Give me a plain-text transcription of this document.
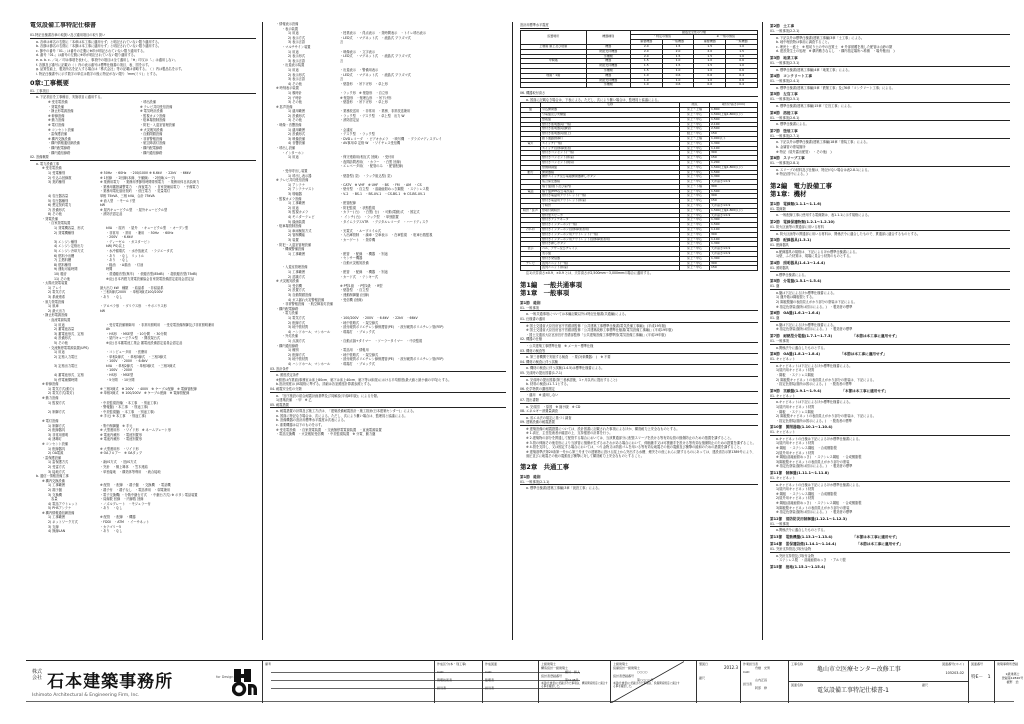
電気設備工事特記仕様書
01.特記仕様書各章の取扱い及び適用項目の取り扱い
a. 各章は章名の右側に「本章は本工事に適用せず」と明記されていない限り適用する。
b. 各節は節名の右側に「本節は本工事に適用せず」と明記されていない限り適用する。
c. 節中の番号「01.」は番号の左側に※印が明記されていない限り適用する。
d. 番号「01.」は番号の左側に※印が明記されていない限り適用する。
e. a. b. c. ／1)／ 印は事項を表わし、事項中の項目は全て適用し「※」印又は「-」は適用しない。
f. 各節及び番号に記載の（ ）内の表示番号は標準仕様書の項目、表、図を示す。
g. 品質性能上、製造所名を記入する場合は「株式会社」等の記載は省略する。（ ）内は製品名を示す。
i. 特記仕様書中に示す数字の単位は数字の後に特記がない限り「mm(ミリ)」とする。
0章:工事概要
01. 工事項目
a. 下記項目を工事種目、実施項目に適用する。
※ 受変電設備
・発電設備
・静止形電源設備
※ 幹線設備
※ 動力設備
※ 電灯設備
※ コンセント設備
・雷保護設備
※ 構内交換設備
・構内情報通信網設備
・構内配電線路
・構内通信線路
・呼出設備
※ テレビ共同受信設備
※ 電気時計設備
・監視カメラ設備
・駐車場管制設備
・防犯・入退室管理設備
※ 火災報知設備
・自動閉鎖設備
・非常警報設備
・航空障害灯設備
・構内配電線路
・構内通信線路
02. 設備概要
a. 電力設備工事
※ 受変電設備
1) 受電種別	※ 50Hz　・60Hz　・200/100V ※ 6.6kV　・22kV　・66kV
2) 引込み回線数	※ 1回線　・2回線(本線、予備線)　・2回線(ループ)
3) 契約種別	※ 業務用電力　・業務用季節別時間帯別電力　・業務用休日高負荷力
・業務用蓄熱調整電力　・深夜電力　・自家発補給電力　・予備電力
・業務用電化厨房契約　・低圧電力　・従量電灯
4) 変圧器容量	単相 75kVA、三相 kVA、合計 75kVA
5) 変圧器種別	※ 油入型　・モールド型
6) 想定契約電力	kW
7) 設備形式	※ 屋内キュービクル型　・屋外キュービクル型
8) その他	・消防法認定品
・発電設備
・自家発電装置
1) 発電機容量、形式	kVA　・屋内　・屋外　・キュービクル型　・オープン型
2) 発電機種別	・非常用　・常用　・兼用　・50Hz　・60Hz
・200V　・6.6kV
3) エンジン種別	・ディーゼル　・ガスタービン
4) エンジン定格出力	kW( PS)以上
5) エンジン冷却方式	・水冷循環式　・水冷放流式　・ラジエータ式
6) 燃料小出槽	・あり　・なし　リットル
7) 主燃料槽	・あり　・なし
8) 燃料種別	・軽油　・A重油　・灯油
9) 運転可能時間	時間
10) 騒音	・普通騒音型(無卒)　・低騒音型(85dB)　・超低騒音型(75dB)
11) その他	※(社)日本内燃力発電設備協会自家発電設備認定委員会認定品
・太陽光発電装置
1) アレイ	最大出力 kW　種類　・結晶系　・非結晶系
2) 電気方式	・三相3線式200V　・単相3線式100/200V
3) 系統連系	・あり　・なし
・風力発電設備
1) 風車	・プロペラ形　・ダリウス形　・サボニウス形
2) 最大出力	kW
・静止形電源設備
・直流電源装置
1) 用途	・受変電設備制御用　・非常用照明用　・受変電設備制御及び非常照明兼用
2) 蓄電池容量	Ah
3) 蓄電池形式、定格	・HS形　・MSE型　・10分間　・30分間
4) 設備形式	・屋内キュービクル型　・開放架台式
5) その他	※(社)日本蓄電池工業会 蓄電池設備認定委員会認定品
・交流無停電電源装置(UPS)
1) 用途	・コンピュータ用　・医療用
2) 定格入力電圧	・単相2線式　・単相3線式　・三相3線式
・100V　・200V　・6.6kV
3) 定格出力電圧	kVA　・単相2線式　・単相3線式　・三相3線式
・100V　・200V
4) 蓄電池形式、定格	・HS形　・MSE型
5) 停電補償時間	・5分間　・10分間
※ 幹線設備
1) 電気方式(動力)	※ 三相3線式　※ 200V　・400V　※ ケーブル配線　※ 電線管配線
2) 電気方式(電灯)	※ 単相3線式　※ 100/200V　※ ケーブル配線　※ 電線管配線
※ 動力設備
1) 監視方式	・中央監視設備( ・本工事　・別途工事)
・警報盤( ・本工事　・別途工事)
2) 制御方式	・中央監視盤( ・本工事　・別途工事)
※ 手元( ※ 本工事　・別途工事)
※ 電灯設備
1) 制御方式	・集中制御盤　※ 手元
2) 配線器具	※ 大型連用形　・ワイド形　※ ネームプレート形
3) 非常用照明	※ 電池内蔵形　・電池別置形
4) 誘導灯	※ 電池内蔵形　・電池別置形
※ コンセント設備
1) 配線器具	※ 大型連用形　・ワイド形
2) OA電源	※ OAフロアー　※ OAタップ
・雷保護設備
1) 雷保護方式	・新JIS方式　・旧JIS方式
2) 受雷方式	・突針　・棟上導体　・笠木連結
3) 接地方式	・単独接地　・構造体等利用　・統合接地
b. 通信・情報設備工事
※ 構内交換設備
1) 工事範囲	※ 配管　・配線　・端子盤　・交換機　・電話機
2) 端子盤	・端子付　・端子なし　・電話専用　・弱電兼用
3) 交換機	・電子交換機( ・分散中継台方式　・中継台方式) ※ ボタン電話装置
　容量	・局線数 回線　・内線数 回線
4) 電話アウトレット	・ノズルプレート　・モジュラー付
5) PHSアンテナ	・あり　・なし
※ 構内情報通信網設備
1) 工事範囲	※ 配管　・配線　・機器
2) ネットワーク方式	・FDDI　・ATM　・イーサネット
3) 支線	・カテゴリー5
4) 無線LAN	・あり　・なし
・情報表示設備
・表示装置
1) 用途	・授業表示　・得点表示　・発時間表示　・トイレ呼出表示
2) 表示方式	・LED式　・マグネット式　・液晶式 プラズマ式
3) 表示言語	言
・マルチサイン装置
1) 用途	・映像表示　・文字表示
2) 表示形式	・LED式　・マグネット式　・液晶式 プラズマ式
3) 表示言語	言
・出退表示装置
1) 用途	・出退表示　・警備用表示
2) 表示形式	・LED式　・マグネット式　・液晶式 プラズマ式
3) 表示言語	言
4) その他	・壁掛形　・吊下げ形　・卓上形
※ 時刻表示装置
1) 親時計	・ラック形　※ 壁掛形　・自立形
2) 子時計	※ 壁掛形　・壁埋込形　・吊下げ形
3) その他	・壁掛形　・吊下げ形　・卓上形
※ 拡声設備
1) 適用範囲	・業務放送用　・非常用　・業務、非常放送兼用
2) 設備形式	・ラック型　・デスク型　・卓上型　出力 W
3) その他	・消防認定品
・映像・音響設備
1) 適用範囲	・会議室
2) 設備形式	・デスク型　・ラック型
3) 映像設備	・DVDレコーダ　・ビデオカメラ　・映写機　・プラズマディスプレイ
4) 音響設備	・AV事用卓 定格 W　・ワイヤレス受信機
・呼出し設備
・インターホン
1) 用途	・保守連絡用(相互式 回線)　・受付用
・夜間訪問者用(　・カラー　・白黒 回線)
・エレベータ用(　・配管のみ　・配管配線)
・受付呼出し装置
1) 呼出し表示器	・壁掛型( 窓)　・ラック組込型( 窓)
※ テレビ共同受信設備
1) アンテナ	・CATV　※ VHF　※ UHF　・BS　・FM　・AM　・CS
2) アンテナマスト	・壁付型　・自立型　・溶融亜鉛めっき鋼製　・ステンレス製
3) 増幅器	・V-2　・BS-1　・BS-UV-1　・CS-BS-1　※ CS-BS-UV-1
・監視カメラ設備
1) 工事範囲	・配管配線
2) 用途	・防犯監視　・状態監視
3) 監視カメラ	・カラー( 台)　・白黒( 台)　・可動(電動)式　・固定式
4) モニターテレビ	・ インチ( 台)　・ラック型　・単独据置
5) 録画装置	・タイムラプスVTR　・デジタルレコーダ　・ハードディスク
・駐車場管制設備
1) 車両検知方式	・光電式　・ループコイル式
2) 管制機能	・入出庫管制　・満車・空車表示　・在車監視　・駐車台数監視
3) 装置	・カーゲート　・発券機
・防犯・入退室管理設備
・機械警備設備
1) 工事範囲	・配管　・配線　・機器　・別途
・センサー機器
・自動火災報知設備
・入退室管理設備
1) 工事範囲	・配管　・配線　・機器　・別途
2) 認識方式	・カード式　・テンキー式
※ 火災報知設備
1) 受信機	※ P型1級　・P型2級　・R型
2) 設置方式	・壁掛型　・自立型
3) 自動閉鎖設備	・連動制御盤 (回線)
4) ガス漏れ火災警報設備	・受信機 (回線)
・非常警報設備　・航空障害灯設備
・構内配電線路
・電力設備
1) 電気方式	・100/200V　・200V　・6.6kV　・22kV　・66kV
2) 配線方式	・地中管路式　・架空線式
3) 地中管材質	・波付硬質ポリエチレン線保護管(PE)　・波付硬質ポリエチレン管(FEP)
4) ハンドホール、マンホール	・現場打　・ブロック式
・外灯設備
1) 点滅方式	・自動点滅+タイマー　・ソーラータイマー　・中央監視
・構内通信線路
1) 種別	・電話用　・情報用
2) 配線方式	・地中管路式　・架空線式
3) 地中管材質	・波付硬質ポリエチレン線保護管(PE)　・波付硬質ポリエチレン管(FEP)
4) ハンドホール、マンホール	・現場打　・ブロック式
03. 設計条件
a. 照度設定条件
※照度は作業面(事務室は床上80cm、廊下は床上40cm、廊下等は床面)における平均照度(最大値と最小値の平均)とする。
b.設計照度は JIS規格に準ずる。詳細は各室照度計算書参照とする。
04. 耐震安全性の分類
a. 「官庁施設の総合耐震計画基準及び同解説(平成8年版)」による分類。
1)建築設備　・甲　※ 乙
05. 耐震措置
a. 耐震措置の計算及び施工方法は、「建築設備耐震設計・施工指針(日本建築センター)」による。
a. 図面に特記なき場合は、次による。ただし、次により難い場合は、監理員と協議による。
b. 設備機器の設計用標準水平震度は次表による。
c. 重要機器は以下のものを示す。
※ 受変電設備　・自家発電装置　・交流無停電電源装置　・直流電源装置
・電話交換機　・火災報知受信機　・中央監視装置　※ 分電、動力盤
設計用標準水平震度
設置場所	機器種別	耐震安全性の分類			
		・特定の施設		※ 一般の施設	
		重要機器	一般機器	重要機器	一般機器
上層階 屋上及び塔屋	機器	2.0	1.5	1.5	1.0
	防振支持機器	2.0	2.0	2.0	1.5
	水槽類	2.0	1.5	1.5	1.0
中間階	機器	1.5	1.0	1.0	0.6
	防振支持機器	1.5	1.5	1.5	1.0
	水槽類	1.5	1.0	1.0	0.6
地階・1階	機器	1.0	0.6	0.6	0.4
	防振支持機器	1.0	1.0	1.0	0.6
	水槽類	1.0	0.6	0.6	0.4
06. 機器取付高さ
a. 図面に記載なき場合は、下表による。ただし、次により難い場合は、監理員と協議による。
	名称	測点	取付け高さ(mm)
盤	引込開閉器	床上～上端	1,800
	分電盤及び実験盤	床上～中心	1,500(上端1,800以下)
	警報盤	床上～中心	1,500
	壁付き照明器具(一般)	床上～中心	2,100
	壁付き照明器具(講堂)	床上～中心	2,500
	壁付き照明器具(鏡上)	鏡上～中心	150
	廊下通路誘導灯	床上～上端	1,000以下
電灯	スイッチ(一般)	床上～中心	1,300
	スイッチ(身体障害者)	床上～中心	1,100
	壁付きコンセント(一般)	床上～中心	300
	壁付きコンセント(和室)	床上～中心	150
	壁付きコンセント(厨房)	床上～中心	1,200
	壁側制御盤	床上～中心	1,500(上端1,800以下)
動力	開閉器箱	床上～中心	1,500
	操作スイッチ及び電磁開閉器押しボタン	床上～中心	1,300
	集合保安器箱	床上～中心	天井高さ×0.9
	端子盤(廊下及び室内)	床上～下端	300
電話	端子盤(EPS及び電気室)	床上～中心	1,500
	壁付き電話用アウトレット(一般)	床上～中心	300
	壁付き電話用アウトレット(和室)	床上～中心	150
	子時計	床上～中心	天井高さ×0.9
時計・拡声	壁取付親時計	床上～中心	1,500(上端1,800以下)
	壁付型スピーカ	床上～中心	天井高さ×0.9
	壁付きアッテネータ	床上～中心	1,300
	壁付きインターホン(一般)	床上～中心	1,500
ｲﾝﾀｰﾎﾝ	壁付きインターホン(身体障害者用)	床上～中心	1,100
	壁付きインターホン用アウトレット(一般)	床上～中心	300
	壁付きインターホン用アウトレット(身体障害者用)	床上～中心	1,100
	壁付き押しボタン	床上～中心	1,300
表示	ベル、ブザー及びチャイム	床上～中心	天井高さ×0.9
	表示盤	床上～中心	天井高さ×0.9
	壁付き発信器	床上～中心	1,300
テレビ	直列ユニット(一般)	床上～中心	300
	直列ユニット(和室)	床上～中心	150
注1)天井高さ×0.9、×0.9 とは、天井高さが2,500mm～3,000mmの場合に適用する。
第1編　一般共通事項
第1章　一般事項
第1節　総則
01. 一般事項
a. 一般共通事項については本編記載以外は特記仕様書(共通編)による。
01. 仕様書の適用
※ 国土交通省大臣官房官庁営繕部監修「公共建築工事標準仕様書(電気設備工事編)」(平成19年版)
※ 国土交通省大臣官房官庁営繕部監修「公共建築改修工事標準仕様書(電気設備工事編)」(平成19年版)
・国土交通省大臣官房官庁営繕部監修「公共建築設備工事標準図(電気設備工事編)」(平成19年版)
02. 機器の仕様
・公共建築工事標準仕様　※ メーカー標準仕様
03. 機材の検査等
a. 第三者機関で実施する検査　・要(対象機器:　)　※ 不要
04. 機材の検査に伴う試験
a. 機材の検査に伴う試験(1.4.5)は標準仕様書による。
05. 完成時の提出図書(1.7.1)
a. 完成時の提出図書(第三者承認後、1ヶ月以内に提出すること)
b. 材料の検査は1.7.1とする。
06. 化学物質の濃度測定
・適用　※ 適用しない
07. 提出書類
a. 完成図　・原図　※ 縮小版　※ CD
08. エネルギー消費量調査
a. 省エネ法の規定に基づく調査
09. 建築設備の耐震措置
※ 建築設備の耐震措置については、設計図書に記載された事項によるほか、構造耐力上安全なものとする。
※ 1.高圧、主任技術者が確認の上、支持強度の計算を行う。
※ 2.建築物の部分を貫通して配管する場合においては、当該貫通部分に配管スリーブを設ける等有効な管の損傷防止のための措置を講ずること。
※ 3.管の伸縮その他変形により当該管に損傷が生ずるおそれがある場合において、伸縮継手又は可撓継手を設ける等有効な損傷防止のための措置を講ずること。
※ 4.管を支持し、又は固定する場合においては、つり金物又は防振ゴムを用いる等有効な地震その他の震動及び衝撃の緩和のための措置を講ずること。
※ 建築基準法第20条第一号から第三号までの建築物に設ける屋上から突出する水槽、煙突その他これらに類するものにあっては、建設省告示第1389号により、風圧並びに地震その他の震動及び衝撃に対して構造耐力上安全なものとすること。
第2章　共通工事
第1節　総則
01. 一般事項(2.1.1)
a. 標準仕様書(建築工事編)3章「仮設工事」による。
第2節　土工事
01. 一般事項(2.2.1)
a. 下記以外は標準仕様書(建築工事編)3章「土工事」による。
b. 地中埋設物は事前に調査すること。
c. 埋戻土・盛土　※ 根切り土の中の良質土　※ 外部被覆を施した配管は山砂の類
d. 建設発生土の処理　※ 構内敷きならし　・構内指定場所へ堆積　・場外搬出(　)
第3節　地業工事
01. 一般事項(2.3.1)
a. 標準仕様書(建築工事編)4章「地業工事」による。
第4節　コンクリート工事
01. 一般事項(2.4.1)
a. 標準仕様書(建築工事編)5章「鉄筋工事」及び6章「コンクリート工事」による。
第5節　左官工事
01. 一般事項(2.5.1)
a. 標準仕様書(建築工事編)15章「左官工事」による。
第6節　溶接工事
01. 一般事項(2.6.1)
a. 標準仕様書による。
第7節　塗装工事
01. 一般事項(2.7.1)
a. 下記以外は標準仕様書(建築工事編)18章「塗装工事」による。
b. 金属管の塗装箇所
※ 特記（屋外露出配管）　・その他(　)
第8節　スリーブ工事
01. 一般事項(2.8.1)
a. スリーブの材料及び仕様は、特記がない場合は表2.8.1による。
※ 特記(図中による。)
第2編　電力設備工事
第1章：機材
第1節　電線類(1.1.1～1.1.6)
01. 電線類
a. 一般配線工事に使用する電線類は、表1.1.1に示す規格による。
第2節　電線保護物類(1.2.1～1.2.10)
01. 防火区画等の貫通部に用いる材料
a. 防火区画等の貫通部に用いる材料は、関係法令に適合したもので、貫通部に適合するものとする。
第3節　配線器具(1.3.1)
01. 配線器具
a.配線器具の規格は、下記によるほか標準仕様書による。
1)壁、ふた材質は、現場に見合う材質のものとする。
第4節　照明器具(1.4.1～1.4.4)
01. 照明器具
a.標準仕様書による。
第5節　分電盤(1.5.1～1.5.4)
01. 盤
a.盤は下記によるほか標準仕様書による。
1) 盤外箱は鋼板製とする。
2) 鋼板製盤の表面見えがかり部分の塗装は下記による。
※ 指定色塗装(箇所は図示による。)　・製造者の標準
第6節　OA盤(1.6.1～1.6.4)
01. 盤
a.盤は下記によるほか標準仕様書による。
※ 指定色塗装(箇所は図示による。)　・製造者の標準
第7節　耐熱型分電盤(1.7.1～1.7.3)	「本節は本工事に適用せず」
01. 一般事項
a.関係法令に適合したものとする。
第8節　OA盤(1.8.1～1.8.4)	「本節は本工事に適用せず」
01. キャビネット
a.キャビネットは下記によるほか標準仕様書による。
1)屋内用キャビネット材質
・鋼板　・ステンレス鋼板
2) 鋼板製キャビネットの表面見えがかり部分の塗装は、下記による。
・指定色塗装(箇所は図示による。)　・製造者の標準
第9節　実験盤(1.9.1～1.9.4)	「本節は本工事に適用せず」
01. キャビネット
a.キャビネットは下記によるほか標準仕様書による。
1)屋内用キャビネット材質
・鋼板　・ステンレス鋼板
2) 鋼板製キャビネットの表面見えがかり部分の塗装は、下記による。
・指定色塗装(箇所は図示による。)　・製造者の標準
第10節　開閉器箱(1.10.1～1.10.4)
01. キャビネット
a.キャビネットの仕様は下記によるほか標準仕様書による。
1)屋内用キャビネット材質
※ 鋼板　・ステンレス鋼板　・合成樹脂製
2)屋外用キャビネット材質
※ 鋼板(溶融亜鉛めっき)　・ステンレス鋼板　・合成樹脂製
3)鋼板製キャビネットの表面見えがかり部分の塗装
※ 指定色塗装(箇所は図示による。)　・製造者の標準
第11節　制御盤(1.11.1～1.11.8)
01. キャビネット
a.キャビネットの仕様は下記によるほか標準仕様書による。
1)屋内用キャビネット材質
※ 鋼板　・ステンレス鋼板　・合成樹脂製
2)屋外用キャビネット材質
※ 鋼板(溶融亜鉛めっき)　・ステンレス鋼板　・合成樹脂製
3)鋼板製キャビネットの表面見えがかり部分の塗装
※ 指定色塗装(箇所は図示による。)　・製造者の標準
第12節　消防防災用制御盤(1.12.1～1.12.3)
01. 一般事項
a.関係法令に適合したものとする。
第13節　電動機盤(1.13.1～1.13.4)	「本節は本工事に適用せず」
第14節　雷保護設備(1.14.1～1.14.4)	「本節は本工事に適用せず」
01. 突針支持管及び取付金物
a.突針支持管及び取付金物
・ステンレス製　・溶融亜鉛めっき　・アルミ製
第15節　接地(1.15.1～1.15.4)
株式会社 石本建築事務所
Ishimoto Architectural & Engineering Firm, Inc.
for Design
備考	作成区分(本・別工事)
CAD
管理技術者
担当者
作成図面
CAD
監理者
担当者
上級建築士
構造設計一級建築士
横川　和人
設計者登録番号
第1145号
本図(仕様書)に記載された事項は、構造関係規定に適合する事を確認した。
上級建築士
設備設計一級建築士
○○○○
設計者登録番号
第○○○○号
本図(仕様書)に記載された事項は、設備関係規定に適合する事を確認した。
製図日
2012.3
縮尺
作業担当者
舟橋　光男
CAD
山内正昌
担当者
阿部　修
工事名称	図面番号(ｼﾘｰｽﾞ)
亀山市立医療センター改修工事	105203-02
図面名称	縮尺
電気設備工事特記仕様書-1
図面番号
特E－　1
建築事務所登録
1級建築士
登録第12820号
植野　治
